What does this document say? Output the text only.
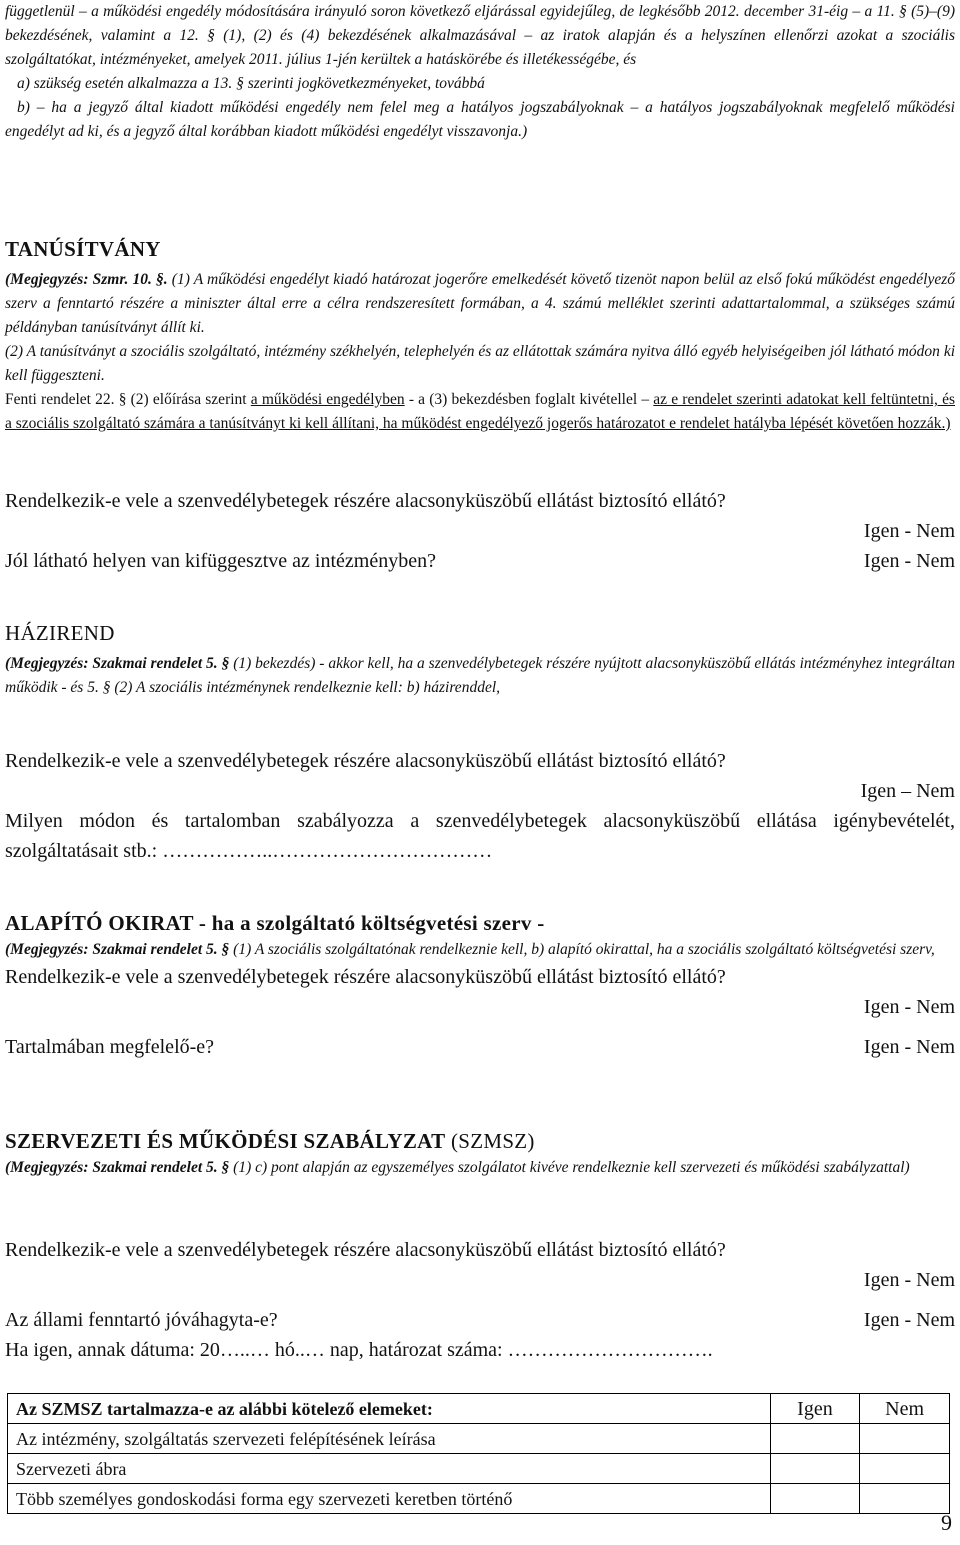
függetlenül – a működési engedély módosítására irányuló soron következő eljárással egyidejűleg, de legkésőbb 2012. december 31-éig – a 11. § (5)–(9) bekezdésének, valamint a 12. § (1), (2) és (4) bekezdésének alkalmazásával – az iratok alapján és a helyszínen ellenőrzi azokat a szociális szolgáltatókat, intézményeket, amelyek 2011. július 1-jén kerültek a hatáskörébe és illetékességébe, és

a) szükség esetén alkalmazza a 13. § szerinti jogkövetkezményeket, továbbá

b) – ha a jegyző által kiadott működési engedély nem felel meg a hatályos jogszabályoknak – a hatályos jogszabályoknak megfelelő működési engedélyt ad ki, és a jegyző által korábban kiadott működési engedélyt visszavonja.)

TANÚSÍTVÁNY

(Megjegyzés: Szmr. 10. §. (1) A működési engedélyt kiadó határozat jogerőre emelkedését követő tizenöt napon belül az első fokú működést engedélyező szerv a fenntartó részére a miniszter által erre a célra rendszeresített formában, a 4. számú melléklet szerinti adattartalommal, a szükséges számú példányban tanúsítványt állít ki.

(2) A tanúsítványt a szociális szolgáltató, intézmény székhelyén, telephelyén és az ellátottak számára nyitva álló egyéb helyiségeiben jól látható módon ki kell függeszteni.

Fenti rendelet 22. § (2) előírása szerint a működési engedélyben - a (3) bekezdésben foglalt kivétellel – az e rendelet szerinti adatokat kell feltüntetni, és a szociális szolgáltató számára a tanúsítványt ki kell állítani, ha működést engedélyező jogerős határozatot e rendelet hatályba lépését követően hozzák.)

Rendelkezik-e vele a szenvedélybetegek részére alacsonyküszöbű ellátást biztosító ellátó?

Igen - Nem

Jól látható helyen van kifüggesztve az intézményben?	Igen - Nem

HÁZIREND

(Megjegyzés: Szakmai rendelet 5. § (1) bekezdés) - akkor kell, ha a szenvedélybetegek részére nyújtott alacsonyküszöbű ellátás intézményhez integráltan működik - és 5. § (2) A szociális intézménynek rendelkeznie kell: b) házirenddel,

Rendelkezik-e vele a szenvedélybetegek részére alacsonyküszöbű ellátást biztosító ellátó?

Igen – Nem

Milyen módon és tartalomban szabályozza a szenvedélybetegek alacsonyküszöbű ellátása igénybevételét, szolgáltatásait stb.: ……………..……………………………

ALAPÍTÓ OKIRAT - ha a szolgáltató költségvetési szerv -

(Megjegyzés: Szakmai rendelet 5. § (1) A szociális szolgáltatónak rendelkeznie kell, b) alapító okirattal, ha a szociális szolgáltató költségvetési szerv,

Rendelkezik-e vele a szenvedélybetegek részére alacsonyküszöbű ellátást biztosító ellátó?

Igen - Nem

Tartalmában megfelelő-e?	Igen - Nem

SZERVEZETI ÉS MŰKÖDÉSI SZABÁLYZAT (SZMSZ)

(Megjegyzés: Szakmai rendelet 5. § (1) c) pont alapján az egyszemélyes szolgálatot kivéve rendelkeznie kell szervezeti és működési szabályzattal)

Rendelkezik-e vele a szenvedélybetegek részére alacsonyküszöbű ellátást biztosító ellátó?

Igen - Nem

Az állami fenntartó jóváhagyta-e?	Igen - Nem

Ha igen, annak dátuma: 20…..… hó..… nap, határozat száma: ………………………….

Az SZMSZ tartalmazza-e az alábbi kötelező elemeket:	Igen	Nem
Az intézmény, szolgáltatás szervezeti felépítésének leírása		
Szervezeti ábra		
Több személyes gondoskodási forma egy szervezeti keretben történő		
9
